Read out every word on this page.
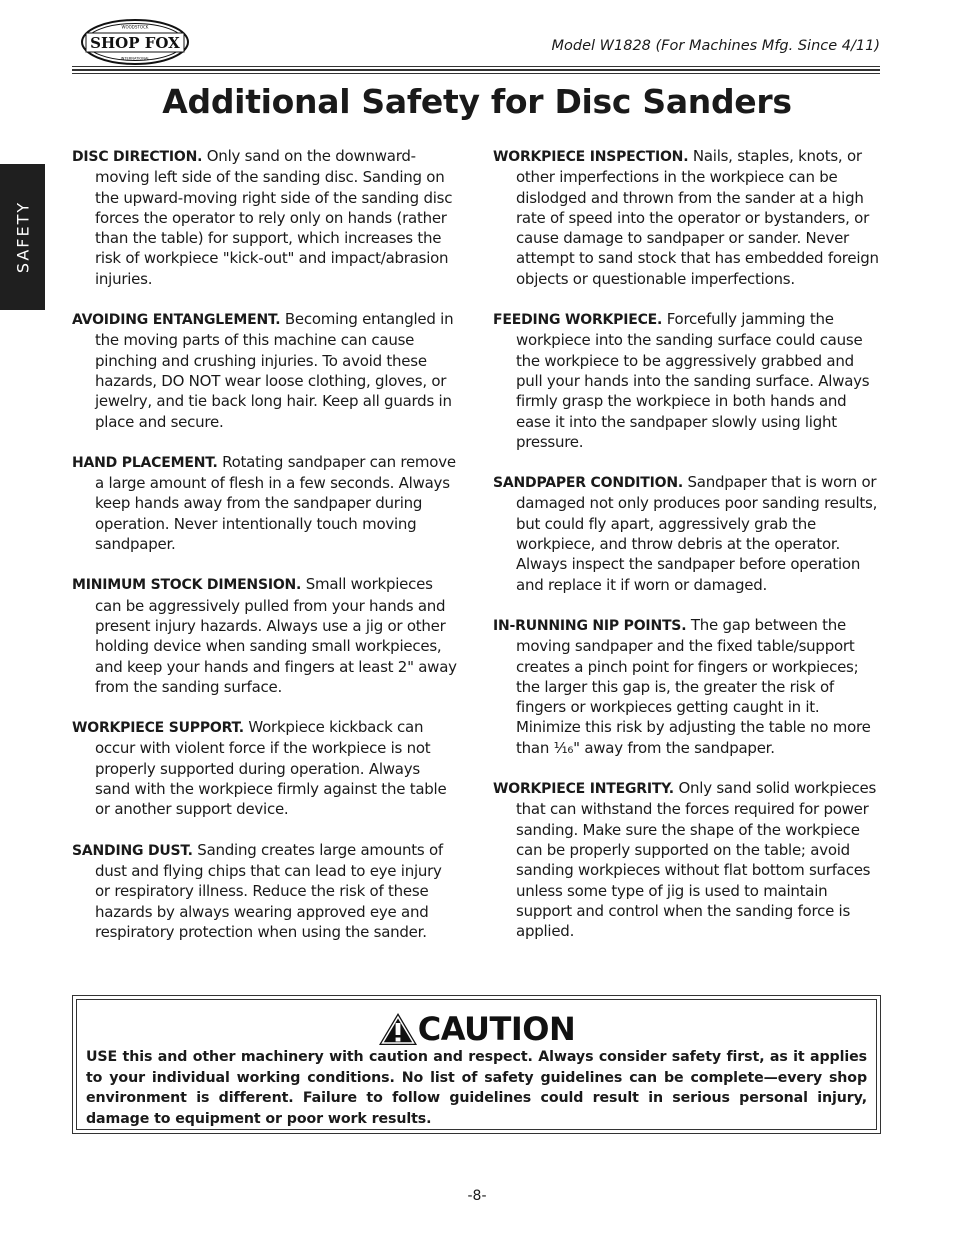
SHOP FOX
WOODSTOCK
INTERNATIONAL
Model W1828 (For Machines Mfg. Since 4/11)
SAFETY
Additional Safety for Disc Sanders

DISC DIRECTION. Only sand on the downward-moving left side of the sanding disc. Sanding on the upward-moving right side of the sanding disc forces the operator to rely only on hands (rather than the table) for support, which increases the risk of workpiece "kick-out" and impact/abrasion injuries.

AVOIDING ENTANGLEMENT. Becoming entangled in the moving parts of this machine can cause pinching and crushing injuries. To avoid these hazards, DO NOT wear loose clothing, gloves, or jewelry, and tie back long hair. Keep all guards in place and secure.

HAND PLACEMENT. Rotating sandpaper can remove a large amount of flesh in a few seconds. Always keep hands away from the sandpaper during operation. Never intentionally touch moving sandpaper.

MINIMUM STOCK DIMENSION. Small workpieces can be aggressively pulled from your hands and present injury hazards. Always use a jig or other holding device when sanding small workpieces, and keep your hands and fingers at least 2" away from the sanding surface.

WORKPIECE SUPPORT. Workpiece kickback can occur with violent force if the workpiece is not properly supported during operation. Always sand with the workpiece firmly against the table or another support device.

SANDING DUST. Sanding creates large amounts of dust and flying chips that can lead to eye injury or respiratory illness. Reduce the risk of these hazards by always wearing approved eye and respiratory protection when using the sander.

WORKPIECE INSPECTION. Nails, staples, knots, or other imperfections in the workpiece can be dislodged and thrown from the sander at a high rate of speed into the operator or bystanders, or cause damage to sandpaper or sander. Never attempt to sand stock that has embedded foreign objects or questionable imperfections.

FEEDING WORKPIECE. Forcefully jamming the workpiece into the sanding surface could cause the workpiece to be aggressively grabbed and pull your hands into the sanding surface. Always firmly grasp the workpiece in both hands and ease it into the sandpaper slowly using light pressure.

SANDPAPER CONDITION. Sandpaper that is worn or damaged not only produces poor sanding results, but could fly apart, aggressively grab the workpiece, and throw debris at the operator. Always inspect the sandpaper before operation and replace it if worn or damaged.

IN-RUNNING NIP POINTS. The gap between the moving sandpaper and the fixed table/support creates a pinch point for fingers or workpieces; the larger this gap is, the greater the risk of fingers or workpieces getting caught in it. Minimize this risk by adjusting the table no more than ¹⁄₁₆" away from the sandpaper.

WORKPIECE INTEGRITY. Only sand solid workpieces that can withstand the forces required for power sanding. Make sure the shape of the workpiece can be properly supported on the table; avoid sanding workpieces without flat bottom surfaces unless some type of jig is used to maintain support and control when the sanding force is applied.

CAUTION
USE this and other machinery with caution and respect. Always consider safety first, as it applies to your individual working conditions. No list of safety guidelines can be complete—every shop environment is different. Failure to follow guidelines could result in serious personal injury, damage to equipment or poor work results.
-8-
